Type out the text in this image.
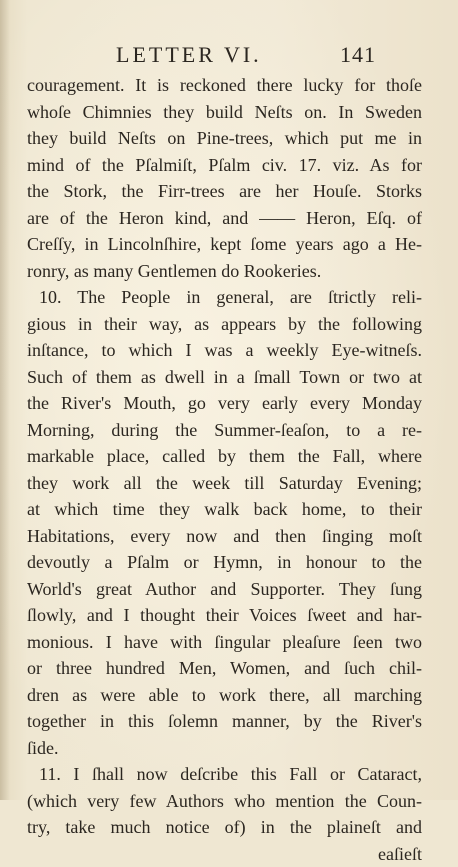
LETTER VI.	141
couragement. It is reckoned there lucky for thoſe
whoſe Chimnies they build Neſts on. In Sweden
they build Neſts on Pine-trees, which put me in
mind of the Pſalmiſt, Pſalm civ. 17. viz. As for
the Stork, the Firr-trees are her Houſe. Storks
are of the Heron kind, and —— Heron, Eſq. of
Creſſy, in Lincolnſhire, kept ſome years ago a He-
ronry, as many Gentlemen do Rookeries.
10. The People in general, are ſtrictly reli-
gious in their way, as appears by the following
inſtance, to which I was a weekly Eye-witneſs.
Such of them as dwell in a ſmall Town or two at
the River's Mouth, go very early every Monday
Morning, during the Summer-ſeaſon, to a re-
markable place, called by them the Fall, where
they work all the week till Saturday Evening;
at which time they walk back home, to their
Habitations, every now and then ſinging moſt
devoutly a Pſalm or Hymn, in honour to the
World's great Author and Supporter. They ſung
ſlowly, and I thought their Voices ſweet and har-
monious. I have with ſingular pleaſure ſeen two
or three hundred Men, Women, and ſuch chil-
dren as were able to work there, all marching
together in this ſolemn manner, by the River's
ſide.
11. I ſhall now deſcribe this Fall or Cataract,
(which very few Authors who mention the Coun-
try, take much notice of) in the plaineſt and
eaſieſt
